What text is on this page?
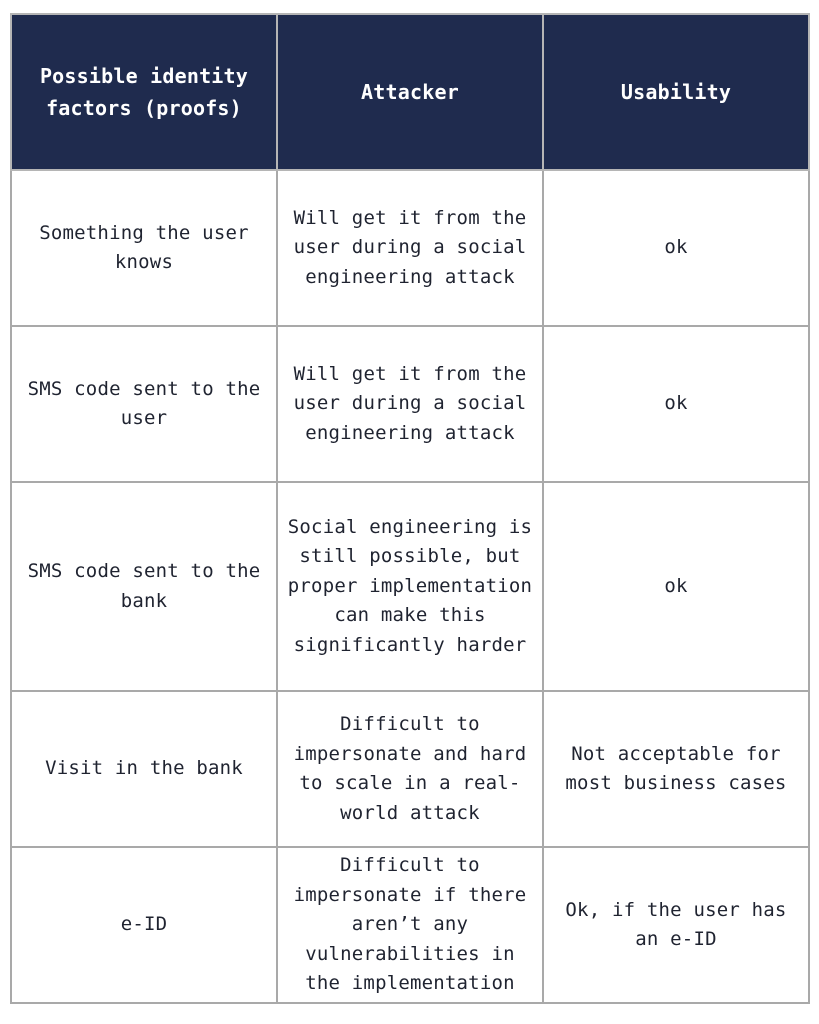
Possible identity factors (proofs)	Attacker	Usability

Something the user knows	Will get it from the user during a social engineering attack	ok

SMS code sent to the user	Will get it from the user during a social engineering attack	ok

SMS code sent to the bank	Social engineering is still possible, but proper implementation can make this significantly harder	ok

Visit in the bank	Difficult to impersonate and hard to scale in a real-world attack	Not acceptable for most business cases

e-ID	Difficult to impersonate if there aren’t any vulnerabilities in the implementation	Ok, if the user has an e-ID
